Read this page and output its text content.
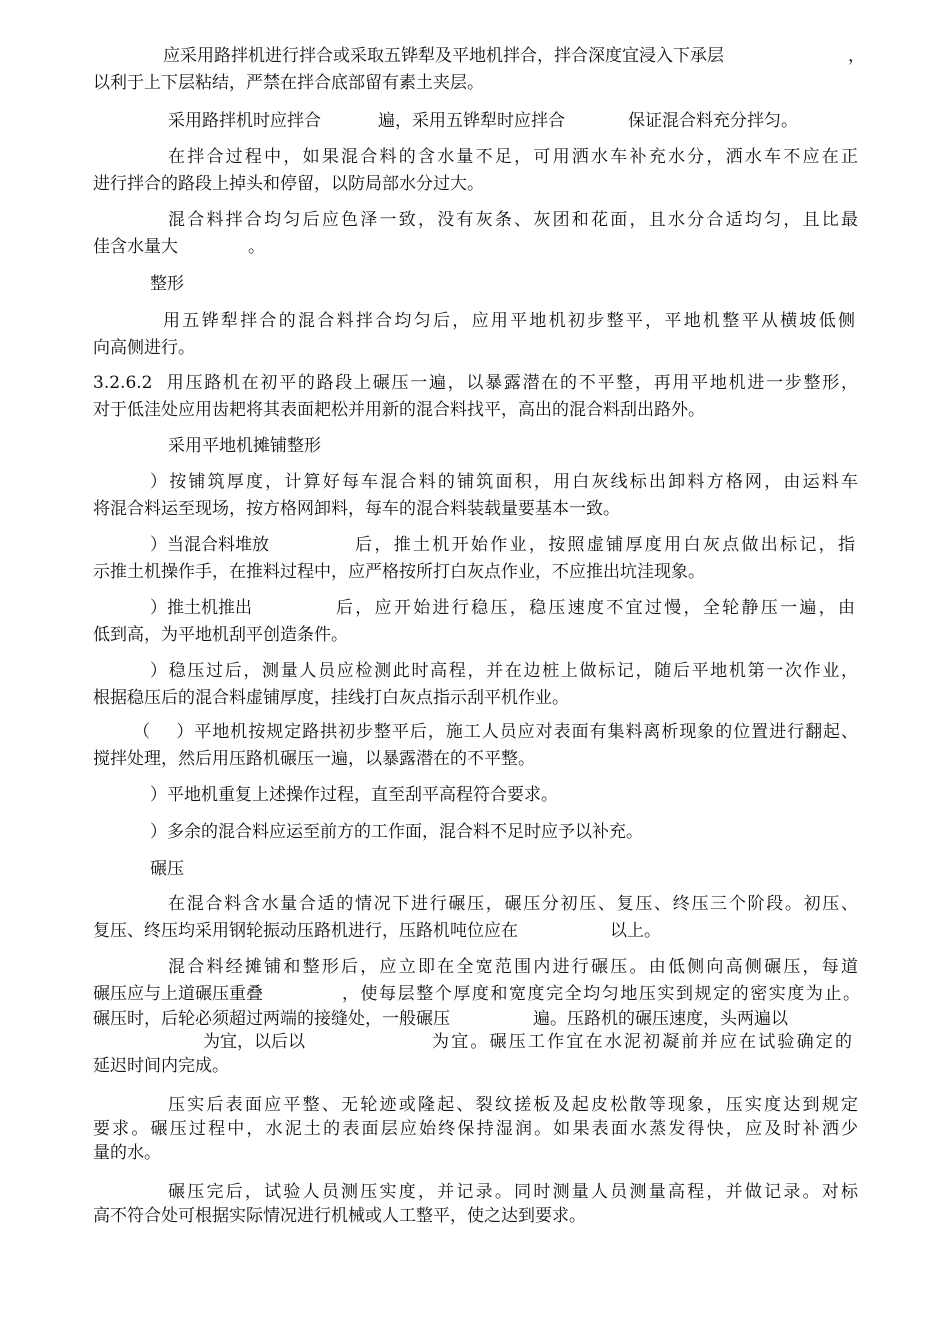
应采用路拌机进行拌合或采取五铧犁及平地机拌合，拌合深度宜浸入下承层	，
以利于上下层粘结，严禁在拌合底部留有素土夹层。
采用路拌机时应拌合	遍，采用五铧犁时应拌合	保证混合料充分拌匀。
在拌合过程中，如果混合料的含水量不足，可用洒水车补充水分，洒水车不应在正
进行拌合的路段上掉头和停留，以防局部水分过大。
混合料拌合均匀后应色泽一致，没有灰条、灰团和花面，且水分合适均匀，且比最
佳含水量大	。
整形
用五铧犁拌合的混合料拌合均匀后，应用平地机初步整平，平地机整平从横坡低侧
向高侧进行。
3.2.6.2  用压路机在初平的路段上碾压一遍，以暴露潜在的不平整，再用平地机进一步整形，
对于低洼处应用齿耙将其表面耙松并用新的混合料找平，高出的混合料刮出路外。
采用平地机摊铺整形
）按铺筑厚度，计算好每车混合料的铺筑面积，用白灰线标出卸料方格网，由运料车
将混合料运至现场，按方格网卸料，每车的混合料装载量要基本一致。
）当混合料堆放	后，推土机开始作业，按照虚铺厚度用白灰点做出标记，指
示推土机操作手，在推料过程中，应严格按所打白灰点作业，不应推出坑洼现象。
）推土机推出	后，应开始进行稳压，稳压速度不宜过慢，全轮静压一遍，由
低到高，为平地机刮平创造条件。
）稳压过后，测量人员应检测此时高程，并在边桩上做标记，随后平地机第一次作业，
根据稳压后的混合料虚铺厚度，挂线打白灰点指示刮平机作业。
（    ）平地机按规定路拱初步整平后，施工人员应对表面有集料离析现象的位置进行翻起、
搅拌处理，然后用压路机碾压一遍，以暴露潜在的不平整。
）平地机重复上述操作过程，直至刮平高程符合要求。
）多余的混合料应运至前方的工作面，混合料不足时应予以补充。
碾压
在混合料含水量合适的情况下进行碾压，碾压分初压、复压、终压三个阶段。初压、
复压、终压均采用钢轮振动压路机进行，压路机吨位应在	以上。
混合料经摊铺和整形后，应立即在全宽范围内进行碾压。由低侧向高侧碾压，每道
碾压应与上道碾压重叠	，使每层整个厚度和宽度完全均匀地压实到规定的密实度为止。
碾压时，后轮必须超过两端的接缝处，一般碾压	遍。压路机的碾压速度，头两遍以
为宜，以后以	为宜。碾压工作宜在水泥初凝前并应在试验确定的
延迟时间内完成。
压实后表面应平整、无轮迹或隆起、裂纹搓板及起皮松散等现象，压实度达到规定
要求。碾压过程中，水泥土的表面层应始终保持湿润。如果表面水蒸发得快，应及时补洒少
量的水。
碾压完后，试验人员测压实度，并记录。同时测量人员测量高程，并做记录。对标
高不符合处可根据实际情况进行机械或人工整平，使之达到要求。
